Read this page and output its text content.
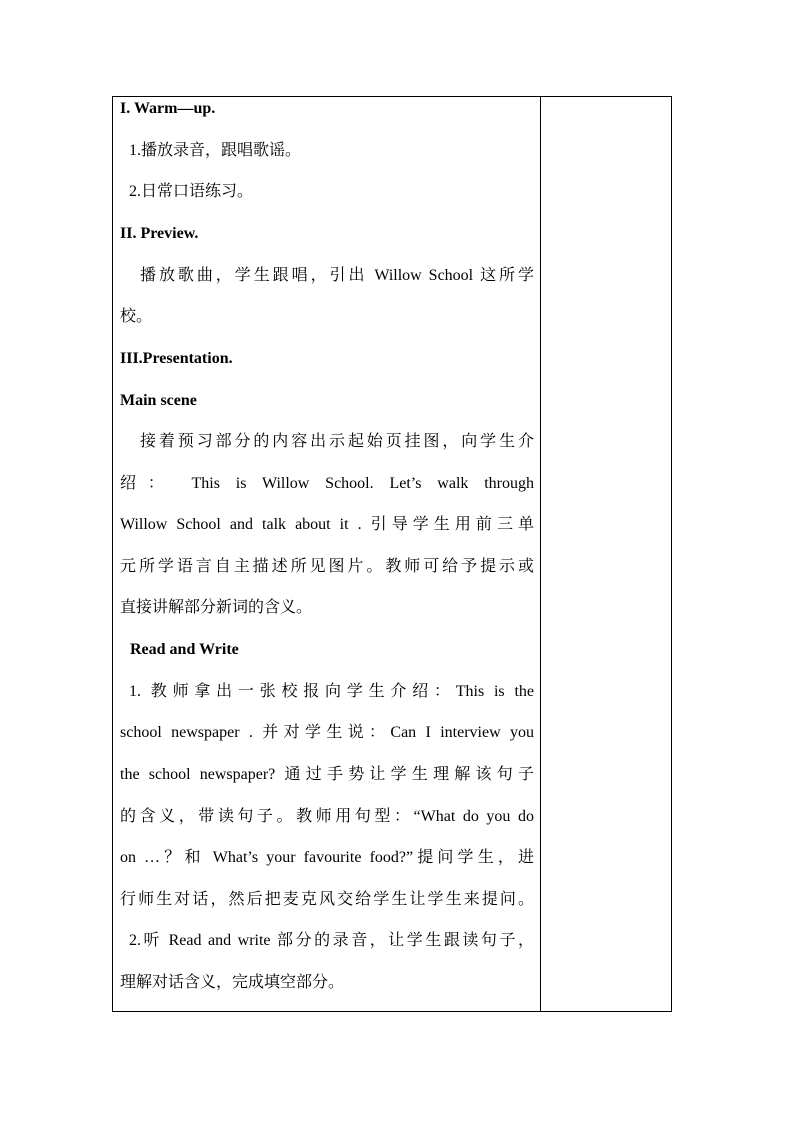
I. Warm—up.
1.播放录音，跟唱歌谣。
2.日常口语练习。
II. Preview.
播放歌曲，学生跟唱，引出 Willow School 这所学
校。
III.Presentation.
Main scene
接着预习部分的内容出示起始页挂图，向学生介
绍： This is Willow School. Let’s walk through
Willow School and talk about it . 引导学生用前三单
元所学语言自主描述所见图片。教师可给予提示或
直接讲解部分新词的含义。
Read and Write
1. 教师拿出一张校报向学生介绍：This is the
school newspaper . 并对学生说：Can I interview you
the school newspaper? 通过手势让学生理解该句子
的含义，带读句子。教师用句型：“What do you do
on …？和 What’s your favourite food?”提问学生，进
行师生对话，然后把麦克风交给学生让学生来提问。
2.听 Read and write 部分的录音，让学生跟读句子，
理解对话含义，完成填空部分。
